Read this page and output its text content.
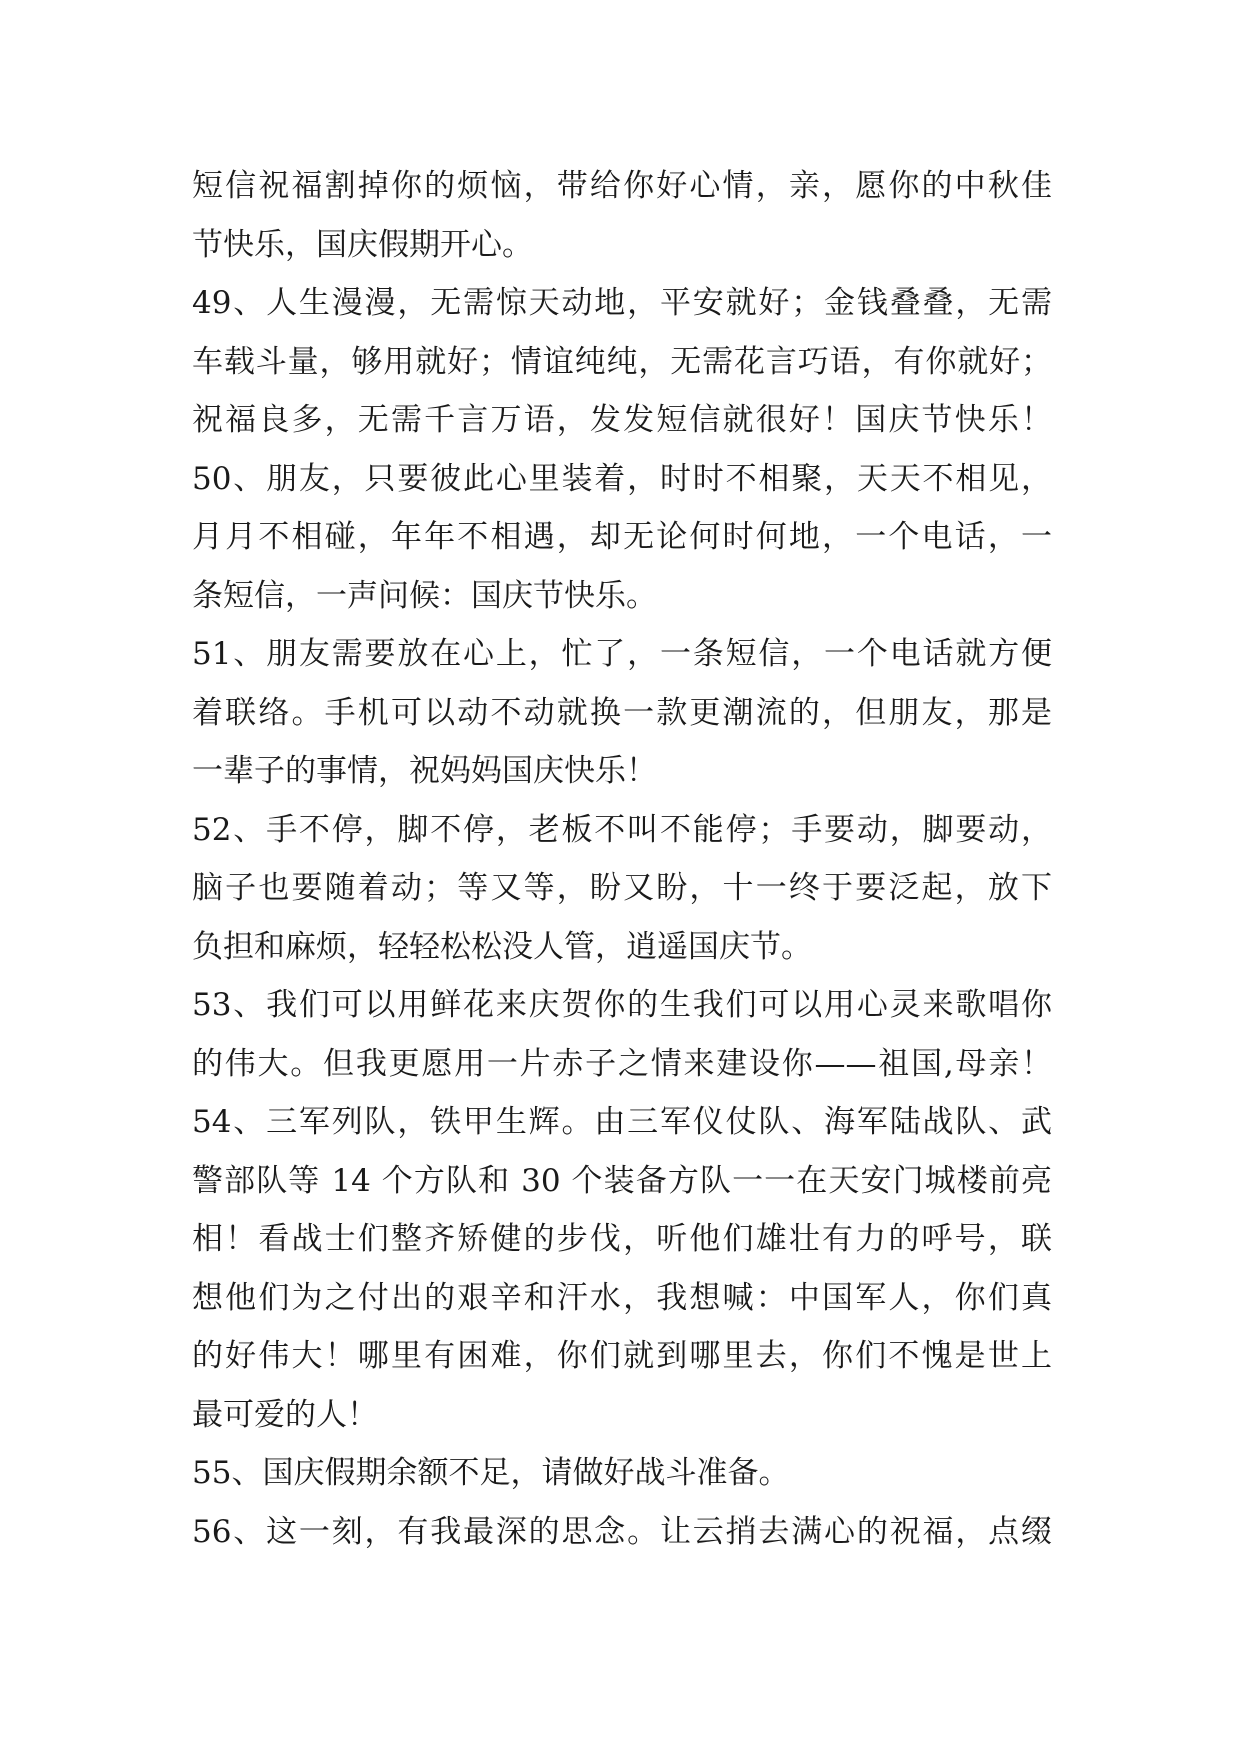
短信祝福割掉你的烦恼，带给你好心情，亲，愿你的中秋佳
节快乐，国庆假期开心。
49、人生漫漫，无需惊天动地，平安就好；金钱叠叠，无需
车载斗量，够用就好；情谊纯纯，无需花言巧语，有你就好；
祝福良多，无需千言万语，发发短信就很好！国庆节快乐！
50、朋友，只要彼此心里装着，时时不相聚，天天不相见，
月月不相碰，年年不相遇，却无论何时何地，一个电话，一
条短信，一声问候：国庆节快乐。
51、朋友需要放在心上，忙了，一条短信，一个电话就方便
着联络。手机可以动不动就换一款更潮流的，但朋友，那是
一辈子的事情，祝妈妈国庆快乐！
52、手不停，脚不停，老板不叫不能停；手要动，脚要动，
脑子也要随着动；等又等，盼又盼，十一终于要泛起，放下
负担和麻烦，轻轻松松没人管，逍遥国庆节。
53、我们可以用鲜花来庆贺你的生我们可以用心灵来歌唱你
的伟大。但我更愿用一片赤子之情来建设你——祖国,母亲！
54、三军列队，铁甲生辉。由三军仪仗队、海军陆战队、武
警部队等 14 个方队和 30 个装备方队一一在天安门城楼前亮
相！看战士们整齐矫健的步伐，听他们雄壮有力的呼号，联
想他们为之付出的艰辛和汗水，我想喊：中国军人，你们真
的好伟大！哪里有困难，你们就到哪里去，你们不愧是世上
最可爱的人！
55、国庆假期余额不足，请做好战斗准备。
56、这一刻，有我最深的思念。让云捎去满心的祝福，点缀
